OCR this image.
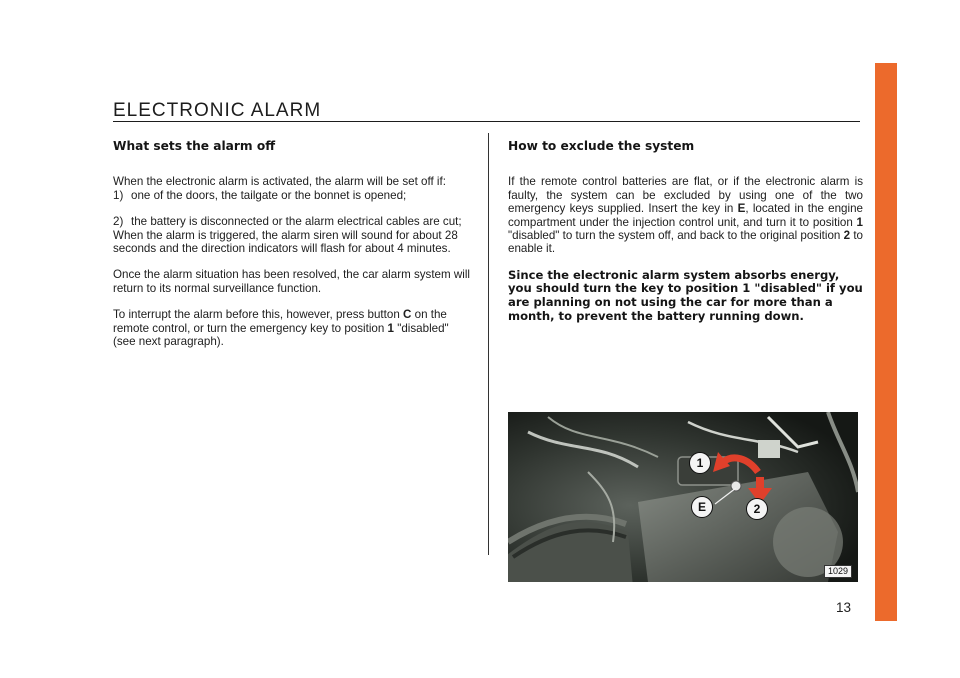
ELECTRONIC ALARM
What sets the alarm off

When the electronic alarm is activated, the alarm will be set off if:

1) one of the doors, the tailgate or the bonnet is opened;
2) the battery is disconnected or the alarm electrical cables are cut;

When the alarm is triggered, the alarm siren will sound for about 28 seconds and the direction indicators will flash for about 4 minutes.

Once the alarm situation has been resolved, the car alarm system will return to its normal surveillance function.

To interrupt the alarm before this, however, press button C on the remote control, or turn the emergency key to position 1 "disabled" (see next paragraph).

How to exclude the system

If the remote control batteries are flat, or if the electronic alarm is faulty, the system can be excluded by using one of the two emergency keys supplied. Insert the key in E, located in the engine compartment under the injection control unit, and turn it to position 1 "disabled" to turn the system off, and back to the original position 2 to enable it.

Since the electronic alarm system absorbs energy, you should turn the key to position 1 "disabled" if you are planning on not using the car for more than a month, to prevent the battery running down.

1
2
E
1029
13
